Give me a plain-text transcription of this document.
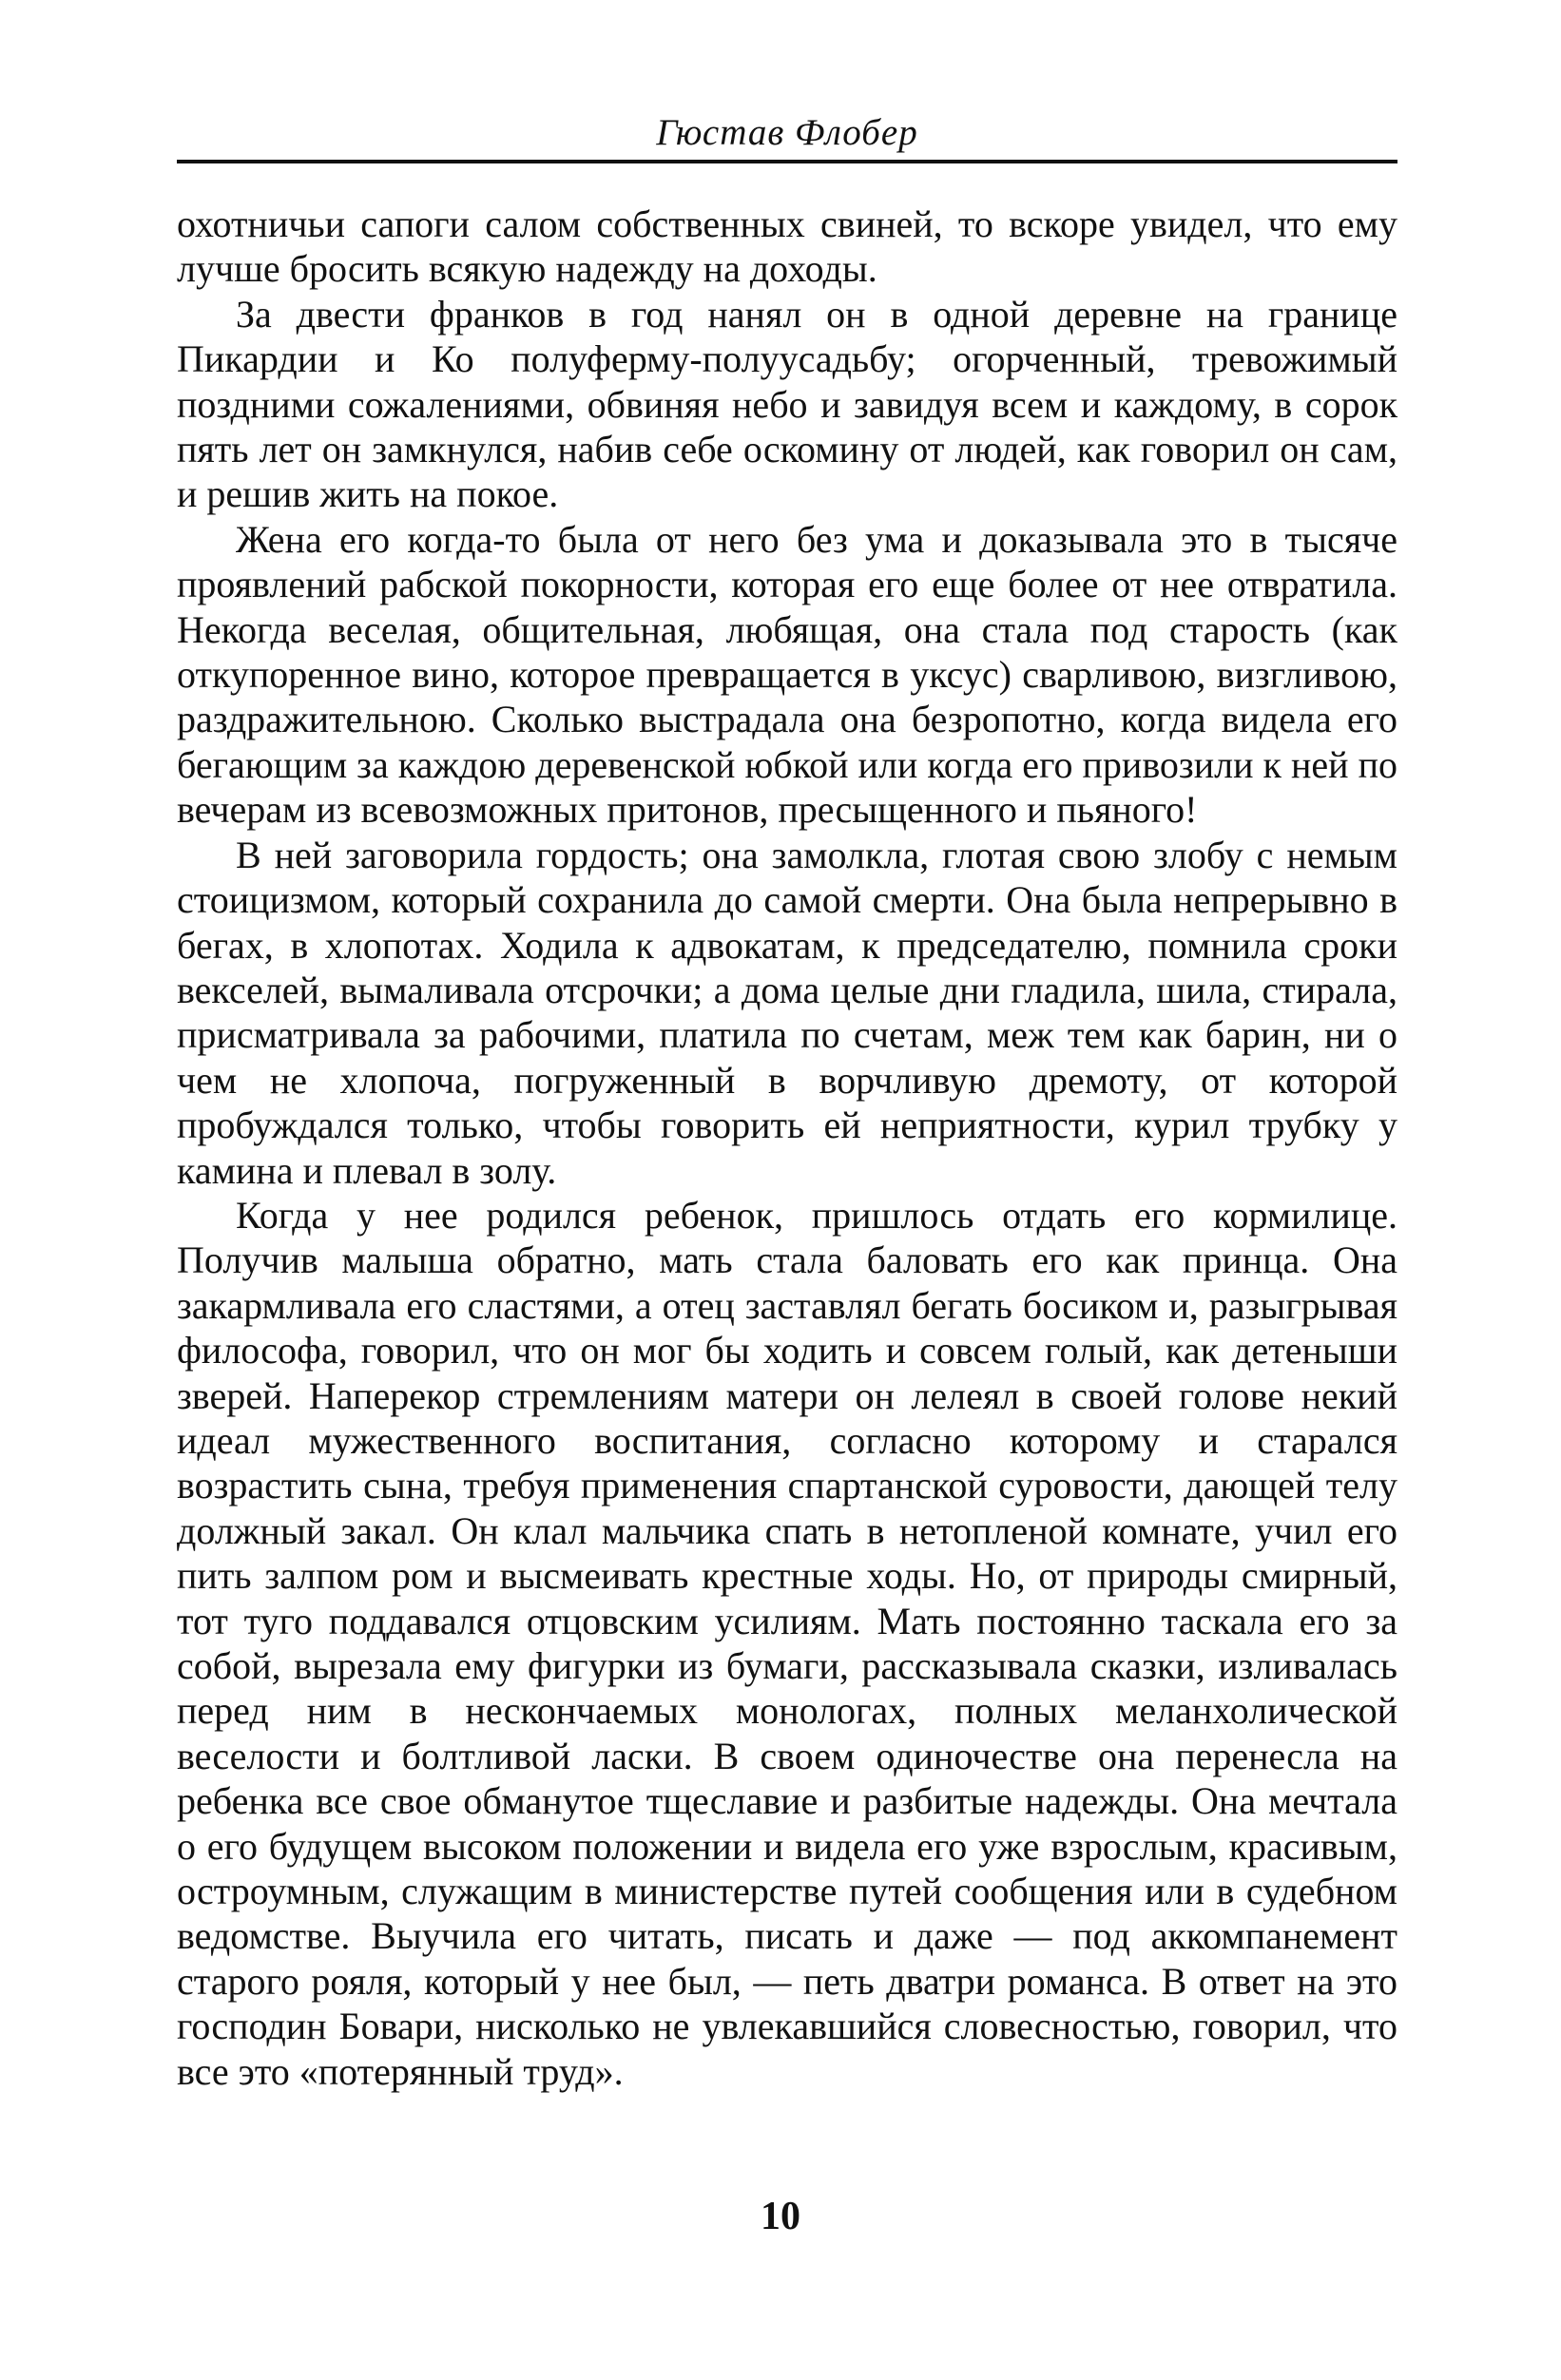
Гюстав Флобер

охотничьи сапоги салом собственных свиней, то вскоре увидел, что ему лучше бросить всякую надежду на доходы.

За двести франков в год нанял он в одной деревне на границе Пикардии и Ко полуферму-полуусадьбу; огорченный, тревожимый поздними сожалениями, обвиняя небо и завидуя всем и каждому, в сорок пять лет он замкнулся, набив себе оскомину от людей, как говорил он сам, и решив жить на покое.

Жена его когда-то была от него без ума и доказывала это в тысяче проявлений рабской покорности, которая его еще более от нее отвратила. Некогда веселая, общительная, любящая, она стала под старость (как откупоренное вино, которое превращается в уксус) сварливою, визгливою, раздражительною. Сколько выстрадала она безропотно, когда видела его бегающим за каждою деревенской юбкой или когда его привозили к ней по вечерам из всевозможных притонов, пресыщенного и пьяного!

В ней заговорила гордость; она замолкла, глотая свою злобу с немым стоицизмом, который сохранила до самой смерти. Она была непрерывно в бегах, в хлопотах. Ходила к адвокатам, к председателю, помнила сроки векселей, вымаливала отсрочки; а дома целые дни гладила, шила, стирала, присматривала за рабочими, платила по счетам, меж тем как барин, ни о чем не хлопоча, погруженный в ворчливую дремоту, от которой пробуждался только, чтобы говорить ей неприятности, курил трубку у камина и плевал в золу.

Когда у нее родился ребенок, пришлось отдать его кормилице. Получив малыша обратно, мать стала баловать его как принца. Она закармливала его сластями, а отец заставлял бегать босиком и, разыгрывая философа, говорил, что он мог бы ходить и совсем голый, как детеныши зверей. Наперекор стремлениям матери он лелеял в своей голове некий идеал мужественного воспитания, согласно которому и старался возрастить сына, требуя применения спартанской суровости, дающей телу должный закал. Он клал мальчика спать в нетопленой комнате, учил его пить залпом ром и высмеивать крестные ходы. Но, от природы смирный, тот туго поддавался отцовским усилиям. Мать постоянно таскала его за собой, вырезала ему фигурки из бумаги, рассказывала сказки, изливалась перед ним в нескончаемых монологах, полных меланхолической веселости и болтливой ласки. В своем одиночестве она перенесла на ребенка все свое обманутое тщеславие и разбитые надежды. Она мечтала о его будущем высоком положении и видела его уже взрослым, красивым, остроумным, служащим в министерстве путей сообщения или в судебном ведомстве. Выучила его читать, писать и даже — под аккомпанемент старого рояля, который у нее был, — петь дватри романса. В ответ на это господин Бовари, нисколько не увлекавшийся словесностью, говорил, что все это «потерянный труд».

10
